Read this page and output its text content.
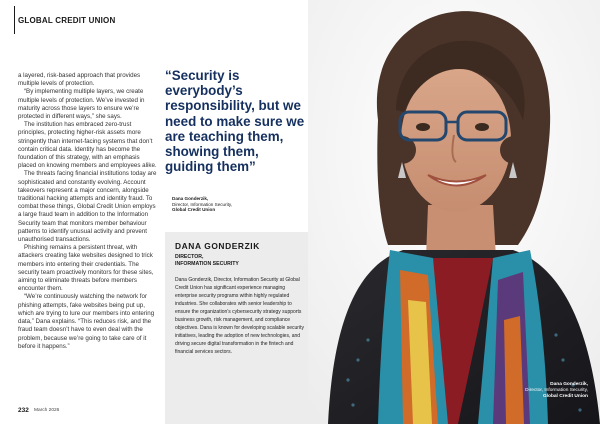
GLOBAL CREDIT UNION

a layered, risk-based approach that provides multiple levels of protection.

“By implementing multiple layers, we create multiple levels of protection. We’ve invested in maturity across those layers to ensure we’re protected in different ways,” she says.

The institution has embraced zero-trust principles, protecting higher-risk assets more stringently than internet-facing systems that don’t contain critical data. Identity has become the foundation of this strategy, with an emphasis placed on knowing members and employees alike.

The threats facing financial institutions today are sophisticated and constantly evolving. Account takeovers represent a major concern, alongside traditional hacking attempts and identity fraud. To combat these things, Global Credit Union employs a large fraud team in addition to the Information Security team that monitors member behaviour patterns to identify unusual activity and prevent unauthorised transactions.

Phishing remains a persistent threat, with attackers creating fake websites designed to trick members into entering their credentials. The security team proactively monitors for these sites, aiming to eliminate threats before members encounter them.

“We’re continuously watching the network for phishing attempts, fake websites being put up, which are trying to lure our members into entering data,” Dana explains. “This reduces risk, and the fraud team doesn’t have to even deal with the problem, because we’re going to take care of it before it happens.”

“Security is everybody’s responsibility, but we need to make sure we are teaching them, showing them, guiding them”
Dana Gonderzik,
Director, Information Security,
Global Credit Union
DANA GONDERZIK
DIRECTOR,
INFORMATION SECURITY
Dana Gonderzik, Director, Information Security at Global Credit Union has significant experience managing enterprise security programs within highly regulated industries. She collaborates with senior leadership to ensure the organization’s cybersecurity strategy supports business growth, risk management, and compliance objectives. Dana is known for developing scalable security initiatives, leading the adoption of new technologies, and driving secure digital transformation in the fintech and financial services sectors.
232 March 2026
Dana Gonderzik,
Director, Information Security,
Global Credit Union
